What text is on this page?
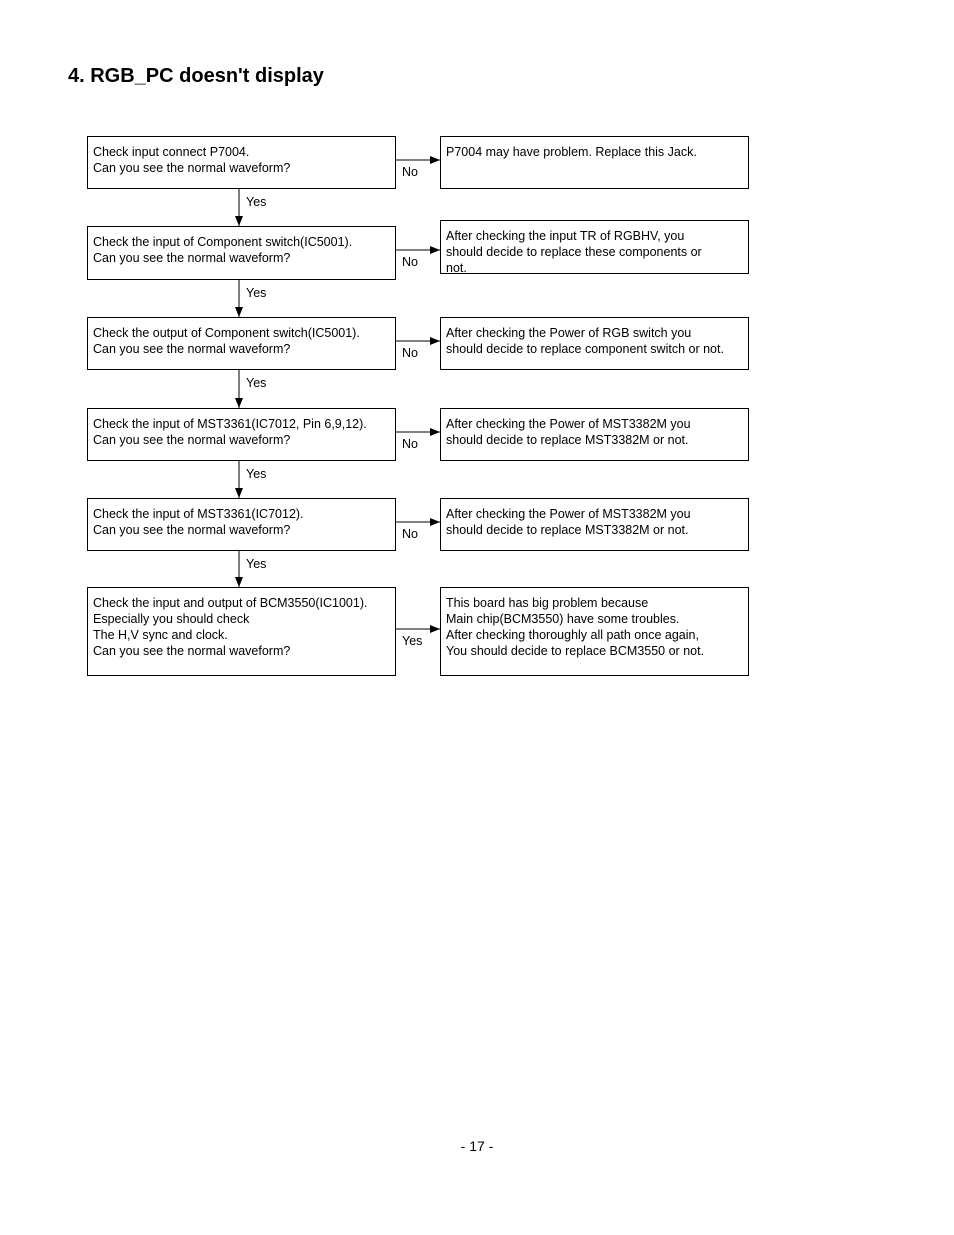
4. RGB_PC doesn't display
Check input connect P7004.
Can you see the normal waveform?
P7004 may have problem. Replace this Jack.
No
Yes
Check the input of Component switch(IC5001).
Can you see the normal waveform?
After checking the input TR of RGBHV, you
should decide to replace these components or
not.
No
Yes
Check the output of Component switch(IC5001).
Can you see the normal waveform?
After checking the Power of RGB switch you
should decide to replace component switch or not.
No
Yes
Check the input of MST3361(IC7012, Pin 6,9,12).
Can you see the normal waveform?
After checking the Power of MST3382M you
should decide to replace MST3382M or not.
No
Yes
Check the input of MST3361(IC7012).
Can you see the normal waveform?
After checking the Power of MST3382M you
should decide to replace MST3382M or not.
No
Yes
Check the input and output of BCM3550(IC1001).
Especially you should check
The H,V sync and clock.
Can you see the normal waveform?
This board has big problem because
Main chip(BCM3550) have some troubles.
After checking thoroughly all path once again,
You should decide to replace BCM3550 or not.
Yes
- 17 -
